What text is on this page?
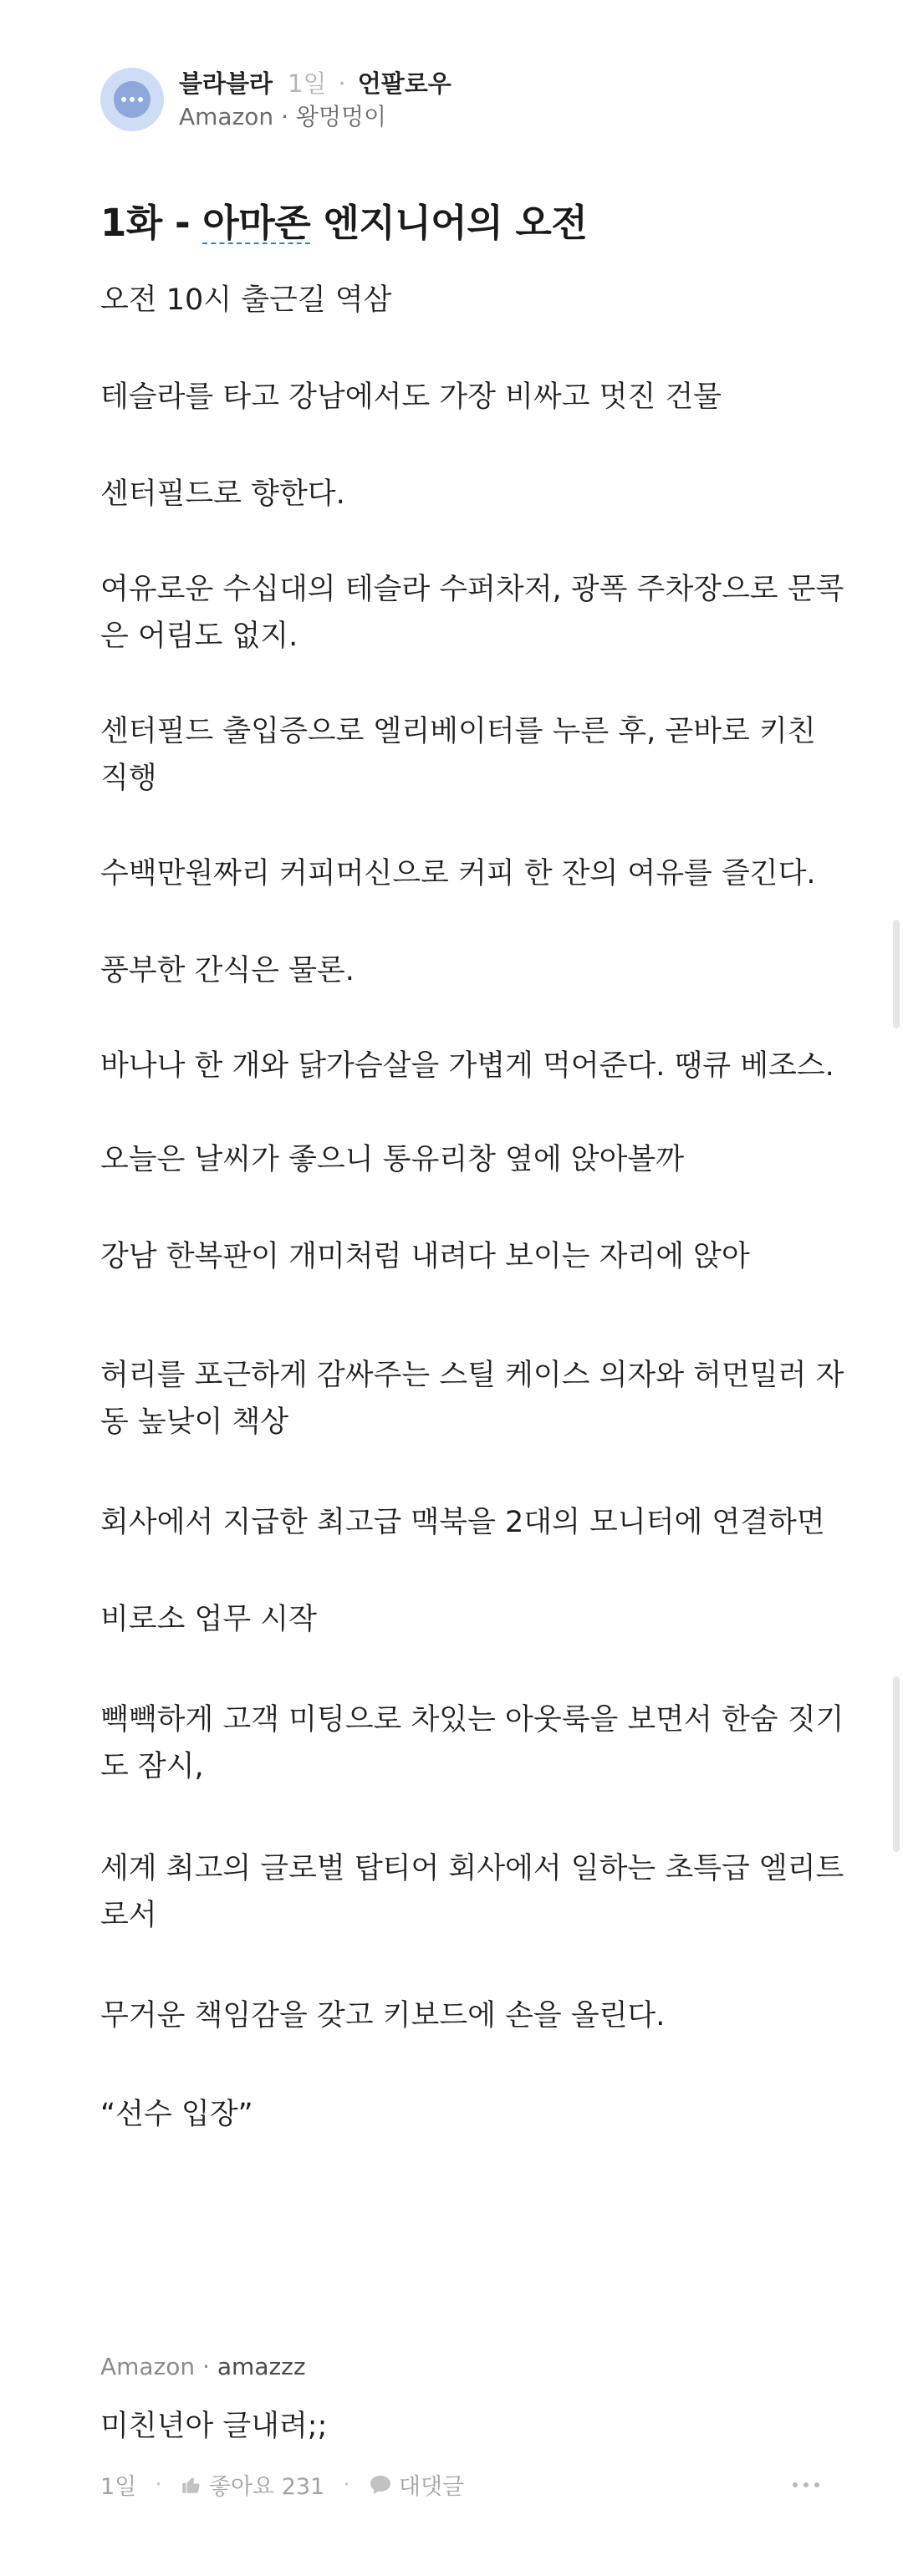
블라블라 1일 · 언팔로우
Amazon · 왕멍멍이
1화 - 아마존 엔지니어의 오전

오전 10시 출근길 역삼

테슬라를 타고 강남에서도 가장 비싸고 멋진 건물

센터필드로 향한다.

여유로운 수십대의 테슬라 수퍼차저, 광폭 주차장으로 문콕

은 어림도 없지.

센터필드 출입증으로 엘리베이터를 누른 후, 곧바로 키친

직행

수백만원짜리 커피머신으로 커피 한 잔의 여유를 즐긴다.

풍부한 간식은 물론.

바나나 한 개와 닭가슴살을 가볍게 먹어준다. 땡큐 베조스.

오늘은 날씨가 좋으니 통유리창 옆에 앉아볼까

강남 한복판이 개미처럼 내려다 보이는 자리에 앉아

허리를 포근하게 감싸주는 스틸 케이스 의자와 허먼밀러 자

동 높낮이 책상

회사에서 지급한 최고급 맥북을 2대의 모니터에 연결하면

비로소 업무 시작

빽빽하게 고객 미팅으로 차있는 아웃룩을 보면서 한숨 짓기

도 잠시,

세계 최고의 글로벌 탑티어 회사에서 일하는 초특급 엘리트

로서

무거운 책임감을 갖고 키보드에 손을 올린다.

“선수 입장”

Amazon · amazzz
미친년아 글내려;;
1일 · 좋아요 231 · 대댓글
